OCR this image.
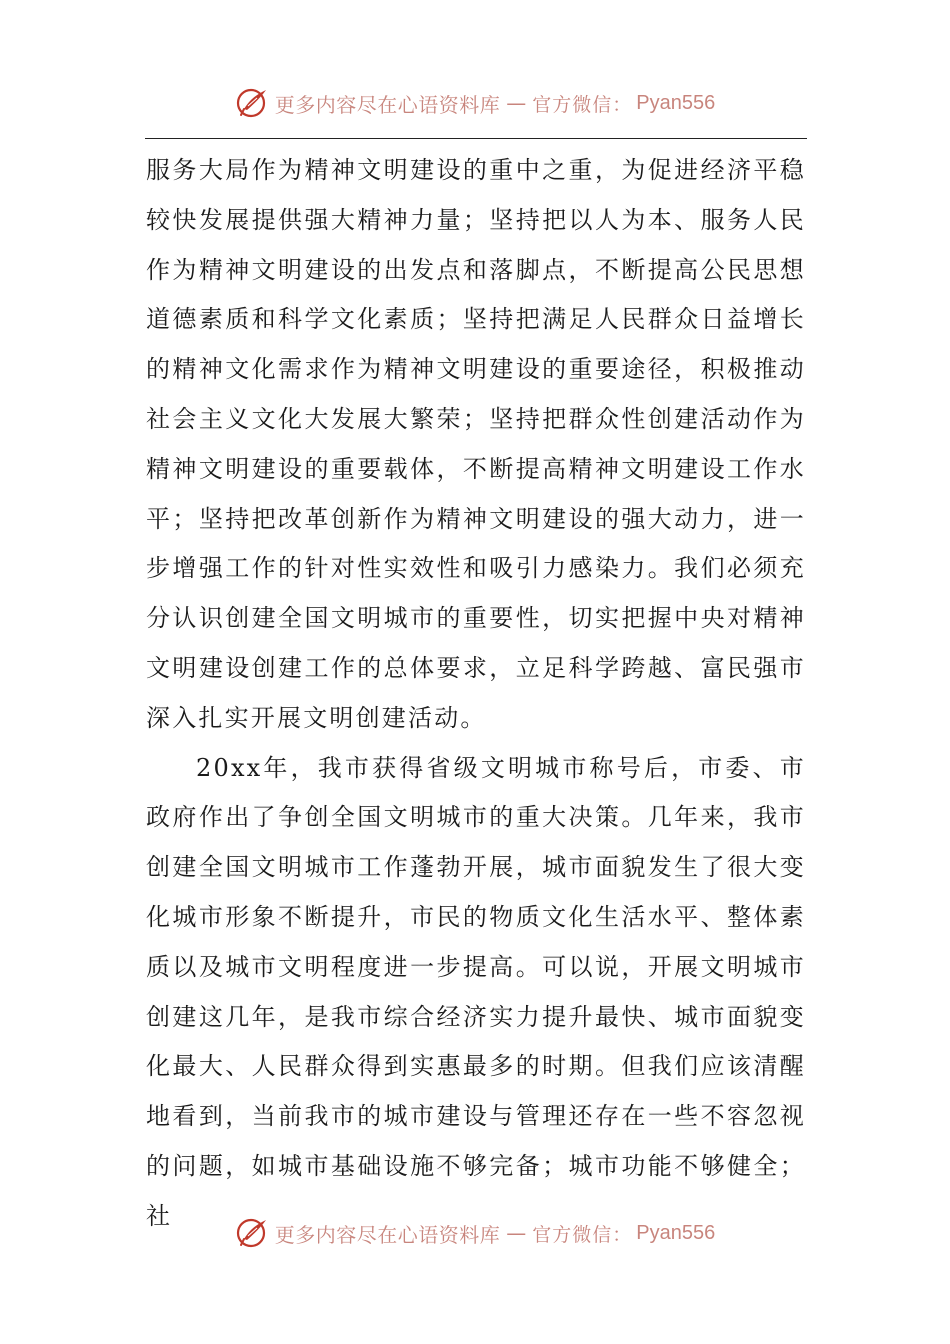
更多内容尽在心语资料库 — 官方微信： Pyan556

服务大局作为精神文明建设的重中之重，为促进经济平稳较快发展提供强大精神力量；坚持把以人为本、服务人民作为精神文明建设的出发点和落脚点，不断提高公民思想道德素质和科学文化素质；坚持把满足人民群众日益增长的精神文化需求作为精神文明建设的重要途径，积极推动社会主义文化大发展大繁荣；坚持把群众性创建活动作为精神文明建设的重要载体，不断提高精神文明建设工作水平；坚持把改革创新作为精神文明建设的强大动力，进一步增强工作的针对性实效性和吸引力感染力。我们必须充分认识创建全国文明城市的重要性，切实把握中央对精神文明建设创建工作的总体要求，立足科学跨越、富民强市深入扎实开展文明创建活动。

20xx年，我市获得省级文明城市称号后，市委、市政府作出了争创全国文明城市的重大决策。几年来，我市创建全国文明城市工作蓬勃开展，城市面貌发生了很大变化城市形象不断提升，市民的物质文化生活水平、整体素质以及城市文明程度进一步提高。可以说，开展文明城市创建这几年，是我市综合经济实力提升最快、城市面貌变化最大、人民群众得到实惠最多的时期。但我们应该清醒地看到，当前我市的城市建设与管理还存在一些不容忽视的问题，如城市基础设施不够完备；城市功能不够健全；社

更多内容尽在心语资料库 — 官方微信： Pyan556
